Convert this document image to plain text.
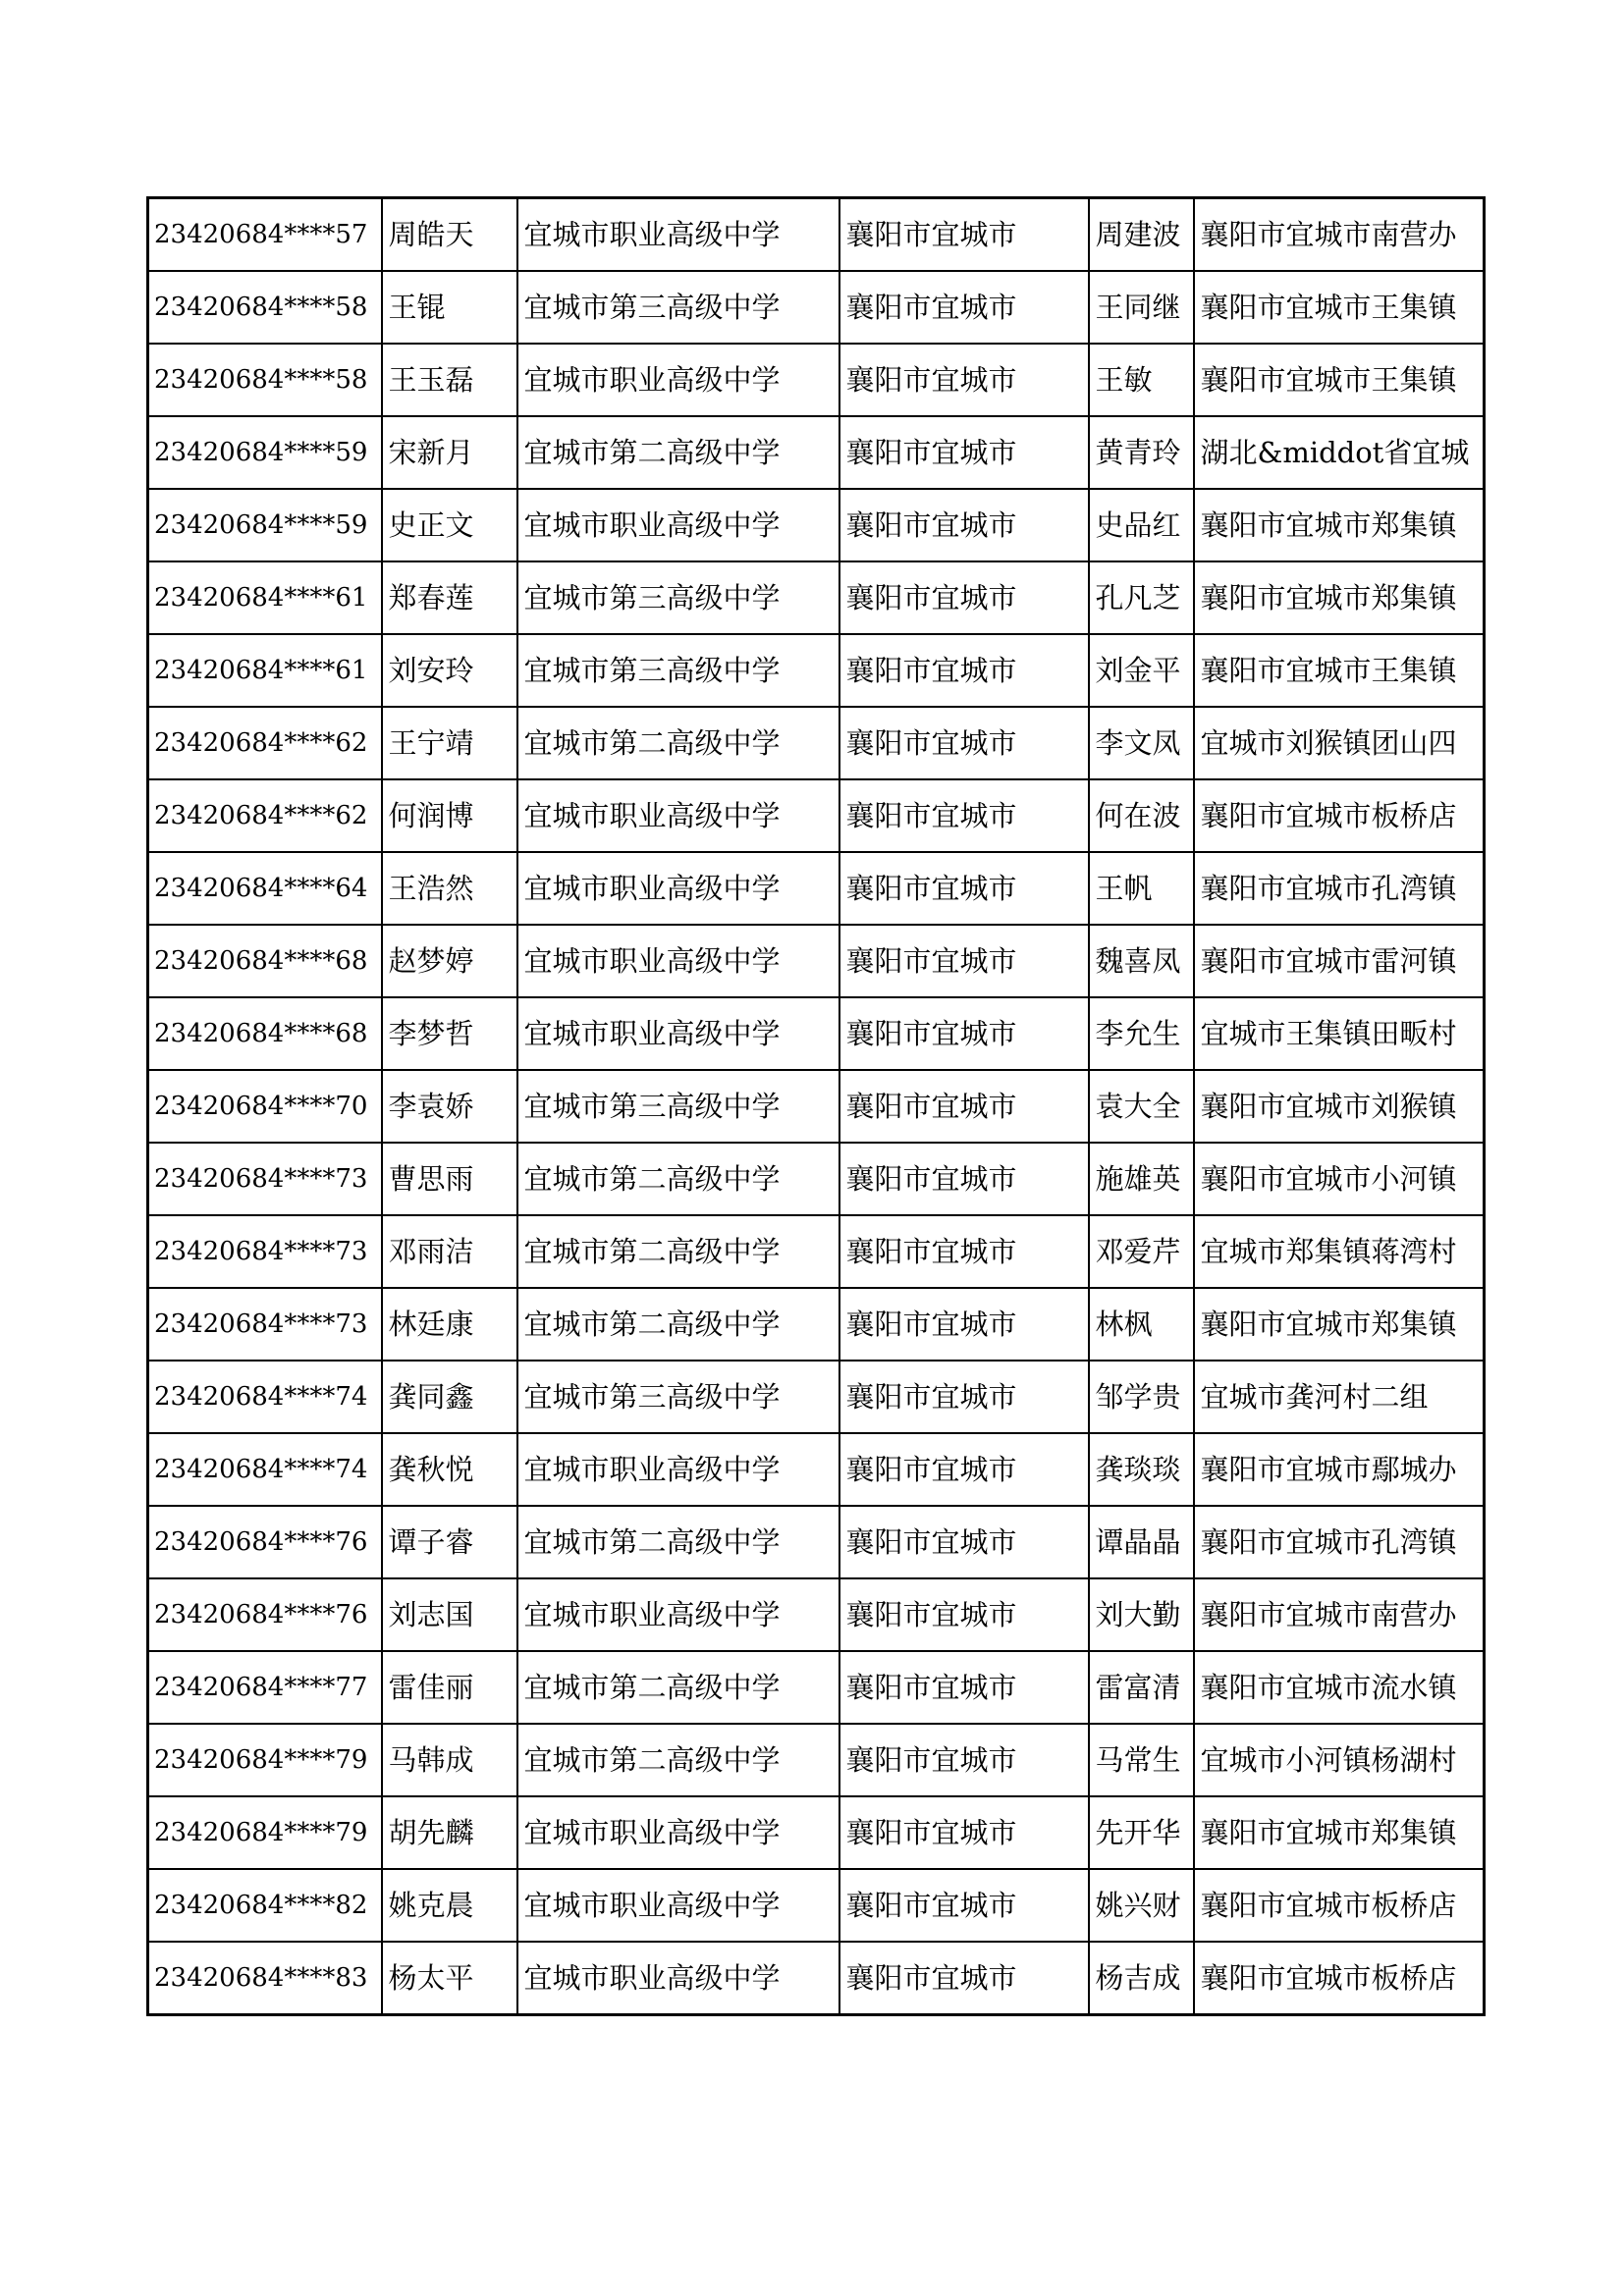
23420684****57	周皓天	宜城市职业高级中学	襄阳市宜城市	周建波	襄阳市宜城市南营办
23420684****58	王锟	宜城市第三高级中学	襄阳市宜城市	王同继	襄阳市宜城市王集镇
23420684****58	王玉磊	宜城市职业高级中学	襄阳市宜城市	王敏	襄阳市宜城市王集镇
23420684****59	宋新月	宜城市第二高级中学	襄阳市宜城市	黄青玲	湖北&middot省宜城
23420684****59	史正文	宜城市职业高级中学	襄阳市宜城市	史品红	襄阳市宜城市郑集镇
23420684****61	郑春莲	宜城市第三高级中学	襄阳市宜城市	孔凡芝	襄阳市宜城市郑集镇
23420684****61	刘安玲	宜城市第三高级中学	襄阳市宜城市	刘金平	襄阳市宜城市王集镇
23420684****62	王宁靖	宜城市第二高级中学	襄阳市宜城市	李文凤	宜城市刘猴镇团山四
23420684****62	何润博	宜城市职业高级中学	襄阳市宜城市	何在波	襄阳市宜城市板桥店
23420684****64	王浩然	宜城市职业高级中学	襄阳市宜城市	王帆	襄阳市宜城市孔湾镇
23420684****68	赵梦婷	宜城市职业高级中学	襄阳市宜城市	魏喜凤	襄阳市宜城市雷河镇
23420684****68	李梦哲	宜城市职业高级中学	襄阳市宜城市	李允生	宜城市王集镇田畈村
23420684****70	李袁娇	宜城市第三高级中学	襄阳市宜城市	袁大全	襄阳市宜城市刘猴镇
23420684****73	曹思雨	宜城市第二高级中学	襄阳市宜城市	施雄英	襄阳市宜城市小河镇
23420684****73	邓雨洁	宜城市第二高级中学	襄阳市宜城市	邓爱芹	宜城市郑集镇蒋湾村
23420684****73	林廷康	宜城市第二高级中学	襄阳市宜城市	林枫	襄阳市宜城市郑集镇
23420684****74	龚同鑫	宜城市第三高级中学	襄阳市宜城市	邹学贵	宜城市龚河村二组
23420684****74	龚秋悦	宜城市职业高级中学	襄阳市宜城市	龚琰琰	襄阳市宜城市鄢城办
23420684****76	谭子睿	宜城市第二高级中学	襄阳市宜城市	谭晶晶	襄阳市宜城市孔湾镇
23420684****76	刘志国	宜城市职业高级中学	襄阳市宜城市	刘大勤	襄阳市宜城市南营办
23420684****77	雷佳丽	宜城市第二高级中学	襄阳市宜城市	雷富清	襄阳市宜城市流水镇
23420684****79	马韩成	宜城市第二高级中学	襄阳市宜城市	马常生	宜城市小河镇杨湖村
23420684****79	胡先麟	宜城市职业高级中学	襄阳市宜城市	先开华	襄阳市宜城市郑集镇
23420684****82	姚克晨	宜城市职业高级中学	襄阳市宜城市	姚兴财	襄阳市宜城市板桥店
23420684****83	杨太平	宜城市职业高级中学	襄阳市宜城市	杨吉成	襄阳市宜城市板桥店
